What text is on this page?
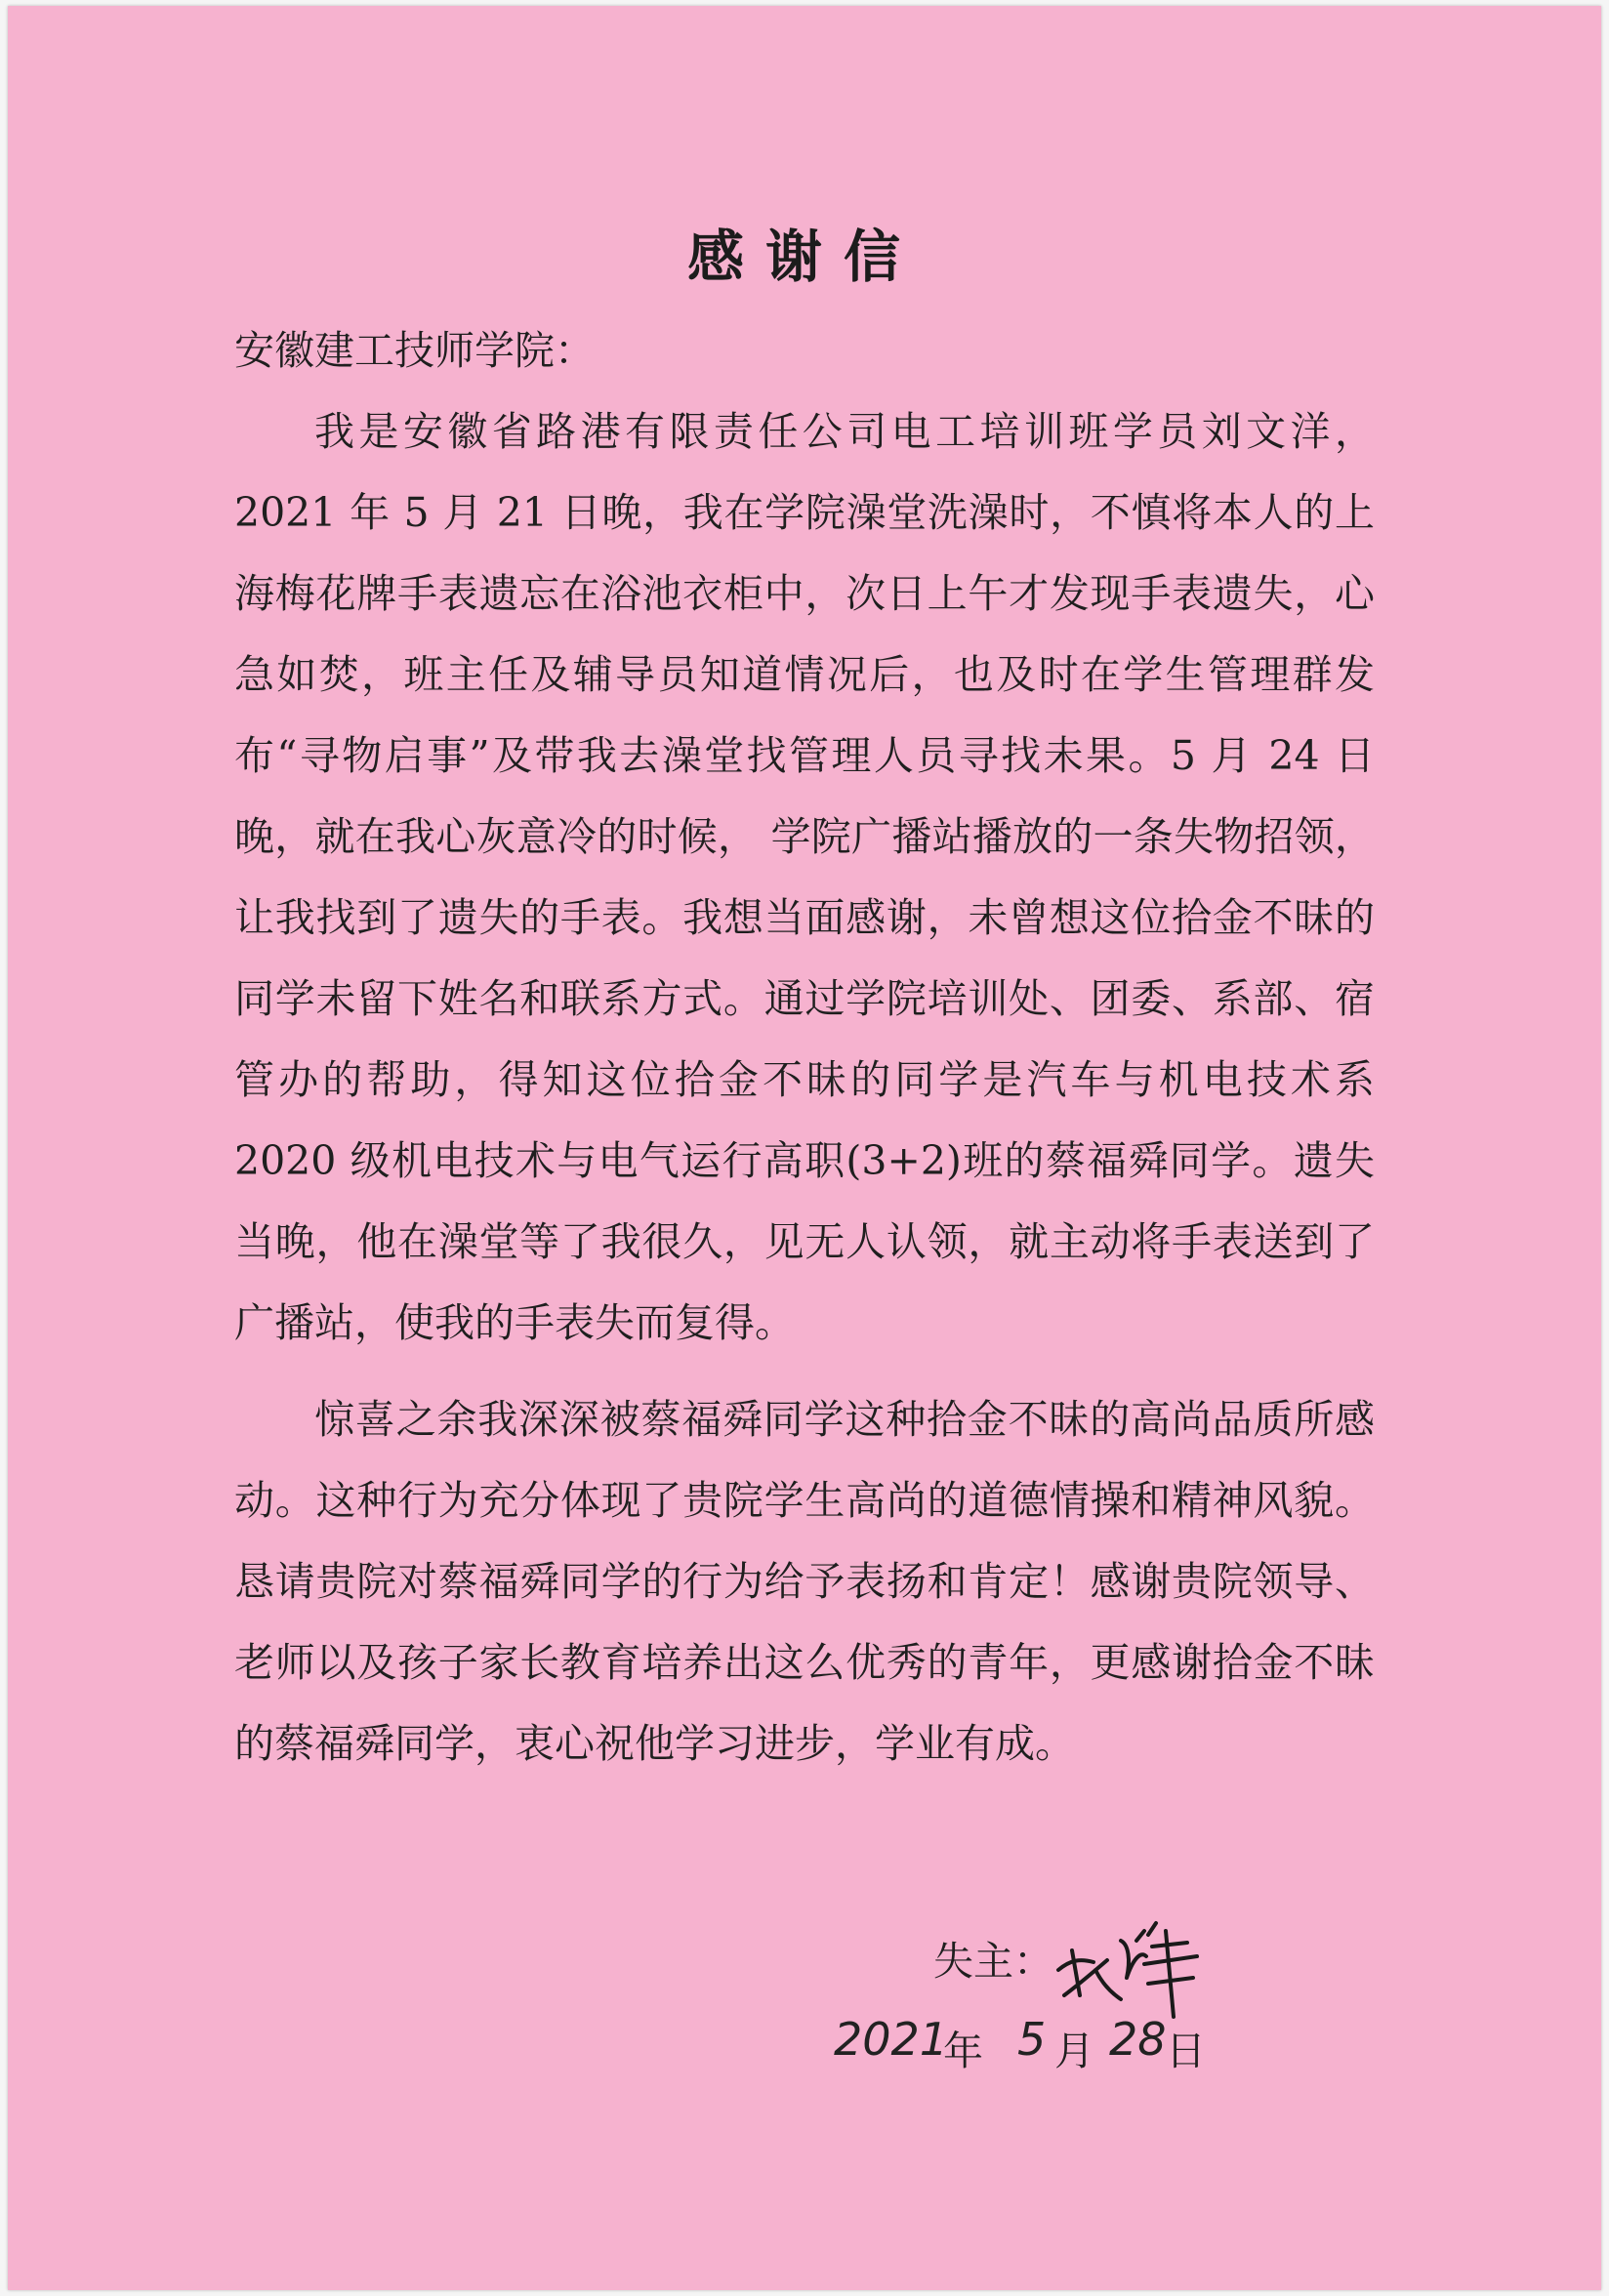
感谢信

安徽建工技师学院：

我是安徽省路港有限责任公司电工培训班学员刘文洋，2021 年 5 月 21 日晚，我在学院澡堂洗澡时，不慎将本人的上海梅花牌手表遗忘在浴池衣柜中，次日上午才发现手表遗失，心急如焚，班主任及辅导员知道情况后，也及时在学生管理群发布“寻物启事”及带我去澡堂找管理人员寻找未果。5 月 24 日晚，就在我心灰意冷的时候， 学院广播站播放的一条失物招领，让我找到了遗失的手表。我想当面感谢，未曾想这位拾金不昧的同学未留下姓名和联系方式。通过学院培训处、团委、系部、宿管办的帮助，得知这位拾金不昧的同学是汽车与机电技术系 2020 级机电技术与电气运行高职(3+2)班的蔡福舜同学。遗失当晚，他在澡堂等了我很久，见无人认领，就主动将手表送到了广播站，使我的手表失而复得。

惊喜之余我深深被蔡福舜同学这种拾金不昧的高尚品质所感动。这种行为充分体现了贵院学生高尚的道德情操和精神风貌。恳请贵院对蔡福舜同学的行为给予表扬和肯定！感谢贵院领导、老师以及孩子家长教育培养出这么优秀的青年，更感谢拾金不昧的蔡福舜同学，衷心祝他学习进步，学业有成。

失主：
2021
年 5 月 28 日
